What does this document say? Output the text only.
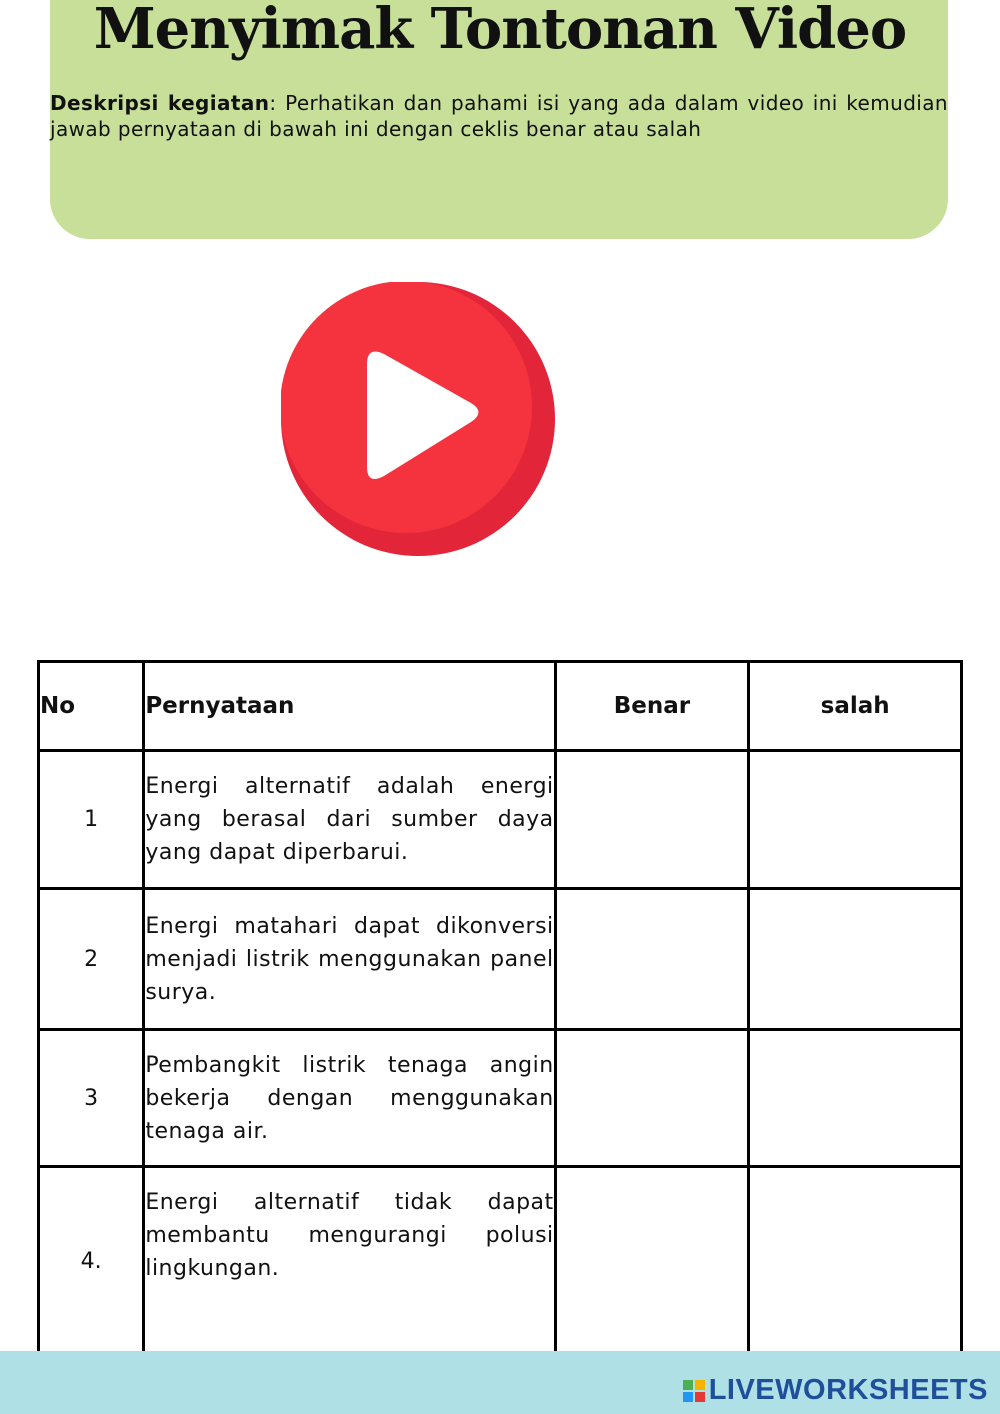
Menyimak Tontonan Video

Deskripsi kegiatan: Perhatikan dan pahami isi yang ada dalam video ini kemudian jawab pernyataan di bawah ini dengan ceklis benar atau salah

No	Pernyataan	Benar	salah
1	Energi alternatif adalah energi yang berasal dari sumber daya yang dapat diperbarui.		
2	Energi matahari dapat dikonversi menjadi listrik menggunakan panel surya.		
3	Pembangkit listrik tenaga angin bekerja dengan menggunakan tenaga air.		
4.	Energi alternatif tidak dapat membantu mengurangi polusi lingkungan.		
LIVEWORKSHEETS
